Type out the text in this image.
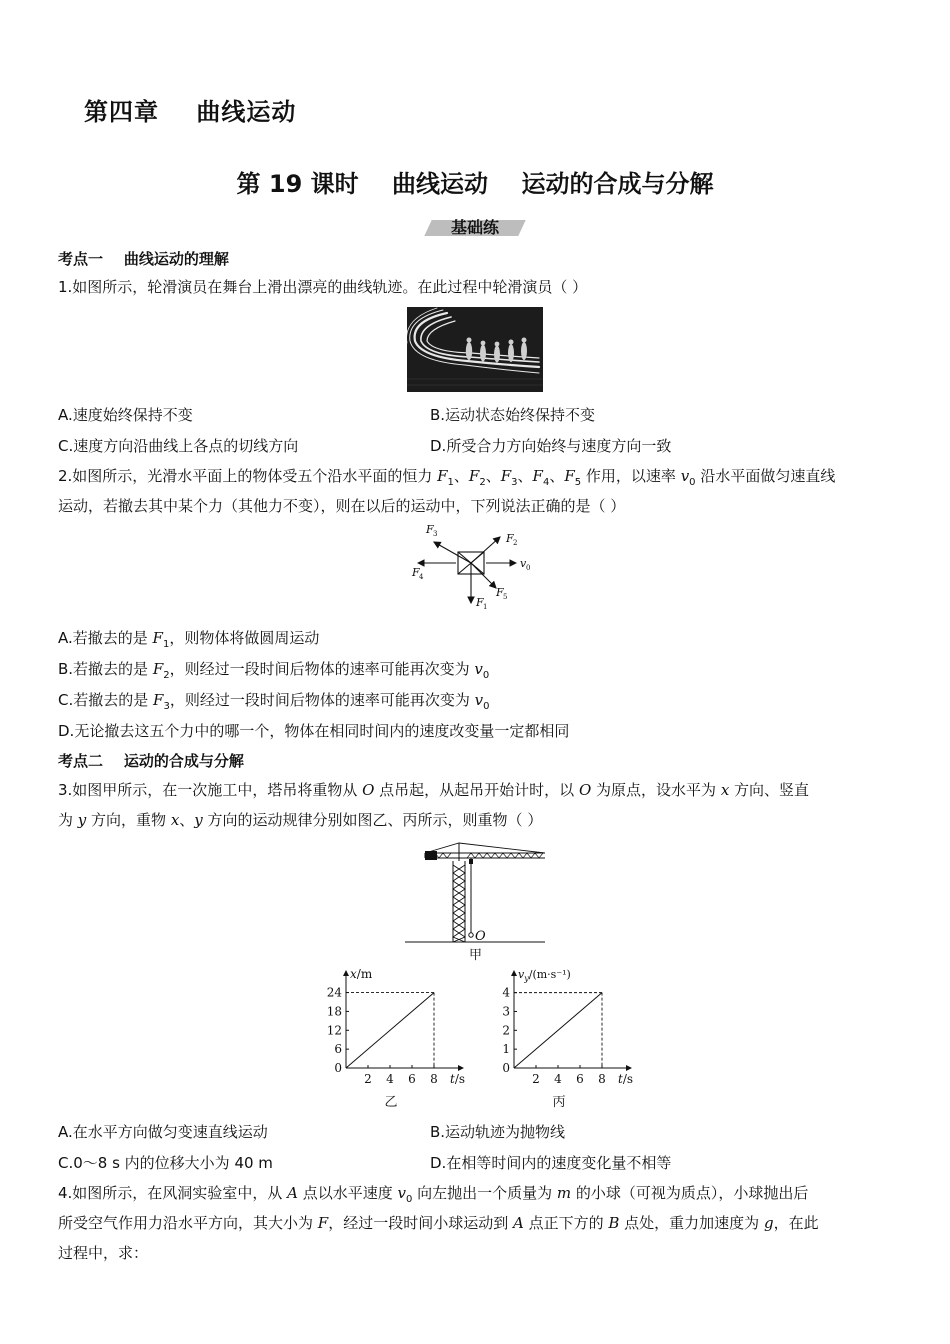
第四章    曲线运动
第 19 课时    曲线运动    运动的合成与分解
基础练
考点一    曲线运动的理解
1.如图所示，轮滑演员在舞台上滑出漂亮的曲线轨迹。在此过程中轮滑演员（ ）
A.速度始终保持不变	B.运动状态始终保持不变
C.速度方向沿曲线上各点的切线方向	D.所受合力方向始终与速度方向一致
2.如图所示，光滑水平面上的物体受五个沿水平面的恒力 $F_1$、$F_2$、$F_3$、$F_4$、$F_5$ 作用，以速率 $v_0$ 沿水平面做匀速直线
运动，若撤去其中某个力（其他力不变），则在以后的运动中，下列说法正确的是（ ）
F 3	F 2
v 0
F 4
F 1
F 5
A.若撤去的是 $F_1$，则物体将做圆周运动
B.若撤去的是 $F_2$，则经过一段时间后物体的速率可能再次变为 $v_0$
C.若撤去的是 $F_3$，则经过一段时间后物体的速率可能再次变为 $v_0$
D.无论撤去这五个力中的哪一个，物体在相同时间内的速度改变量一定都相同
考点二    运动的合成与分解
3.如图甲所示，在一次施工中，塔吊将重物从 O 点吊起，从起吊开始计时，以 O 为原点，设水平为 x 方向、竖直
为 y 方向，重物 x、y 方向的运动规律分别如图乙、丙所示，则重物（ ）
O
甲
0
6
12
18
24
2 4 6 8
x/m
t/s
乙
0
1
2
3
4
2 4 6 8
$v_y/(m\cdot s^{-1})$
t/s
丙
A.在水平方向做匀变速直线运动	B.运动轨迹为抛物线
C.0～8 s 内的位移大小为 40 m	D.在相等时间内的速度变化量不相等
4.如图所示，在风洞实验室中，从 A 点以水平速度 $v_0$ 向左抛出一个质量为 m 的小球（可视为质点），小球抛出后
所受空气作用力沿水平方向，其大小为 F，经过一段时间小球运动到 A 点正下方的 B 点处，重力加速度为 g，在此
过程中，求：
